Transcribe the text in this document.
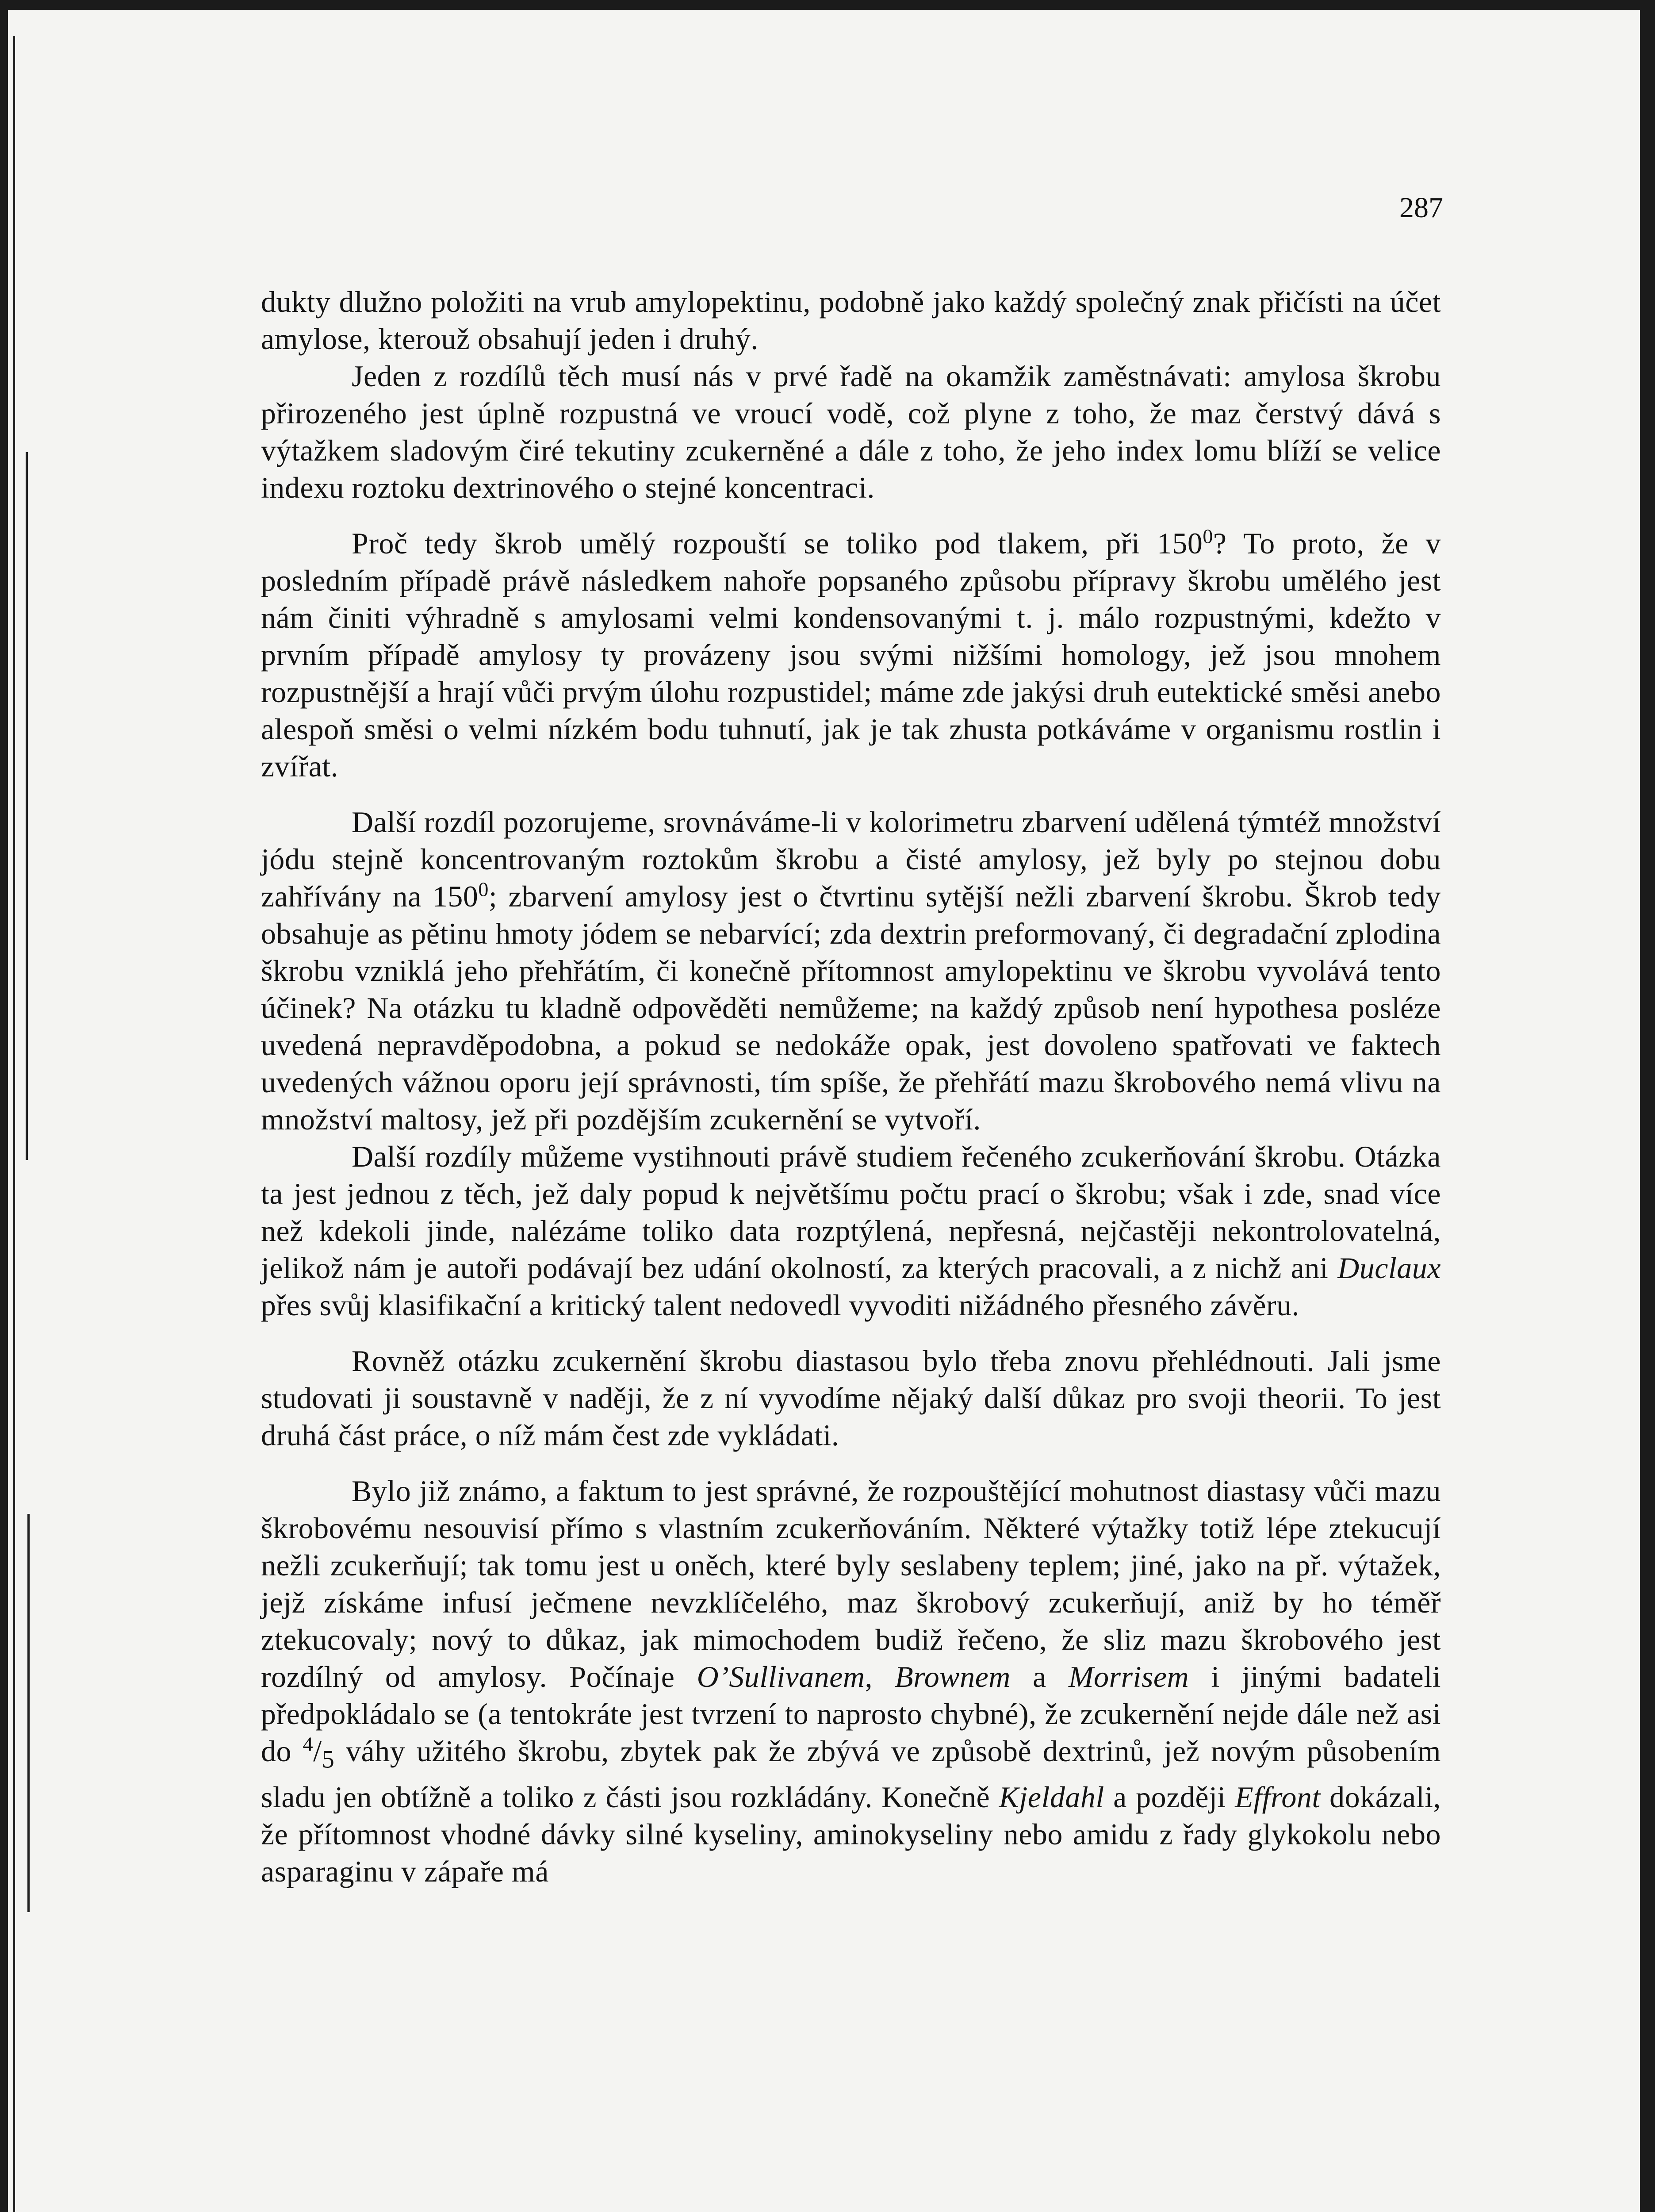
287

dukty dlužno položiti na vrub amylopektinu, podobně jako každý společný znak přičísti na účet amylose, kterouž obsahují jeden i druhý.

Jeden z rozdílů těch musí nás v prvé řadě na okamžik zaměstnávati: amylosa škrobu přirozeného jest úplně rozpustná ve vroucí vodě, což plyne z toho, že maz čerstvý dává s výtažkem sladovým čiré tekutiny zcukerněné a dále z toho, že jeho index lomu blíží se velice indexu roztoku dextrinového o stejné koncentraci.

Proč tedy škrob umělý rozpouští se toliko pod tlakem, při $150^0$? To proto, že v posledním případě právě následkem nahoře popsaného způsobu přípravy škrobu umělého jest nám činiti výhradně s amylosami velmi kondensovanými t. j. málo rozpustnými, kdežto v prvním případě amylosy ty provázeny jsou svými nižšími homology, jež jsou mnohem rozpustnější a hrají vůči prvým úlohu rozpustidel; máme zde jakýsi druh eutektické směsi anebo alespoň směsi o velmi nízkém bodu tuhnutí, jak je tak zhusta potkáváme v organismu rostlin i zvířat.

Další rozdíl pozorujeme, srovnáváme-li v kolorimetru zbarvení udělená týmtéž množství jódu stejně koncentrovaným roztokům škrobu a čisté amylosy, jež byly po stejnou dobu zahřívány na $150^0$; zbarvení amylosy jest o čtvrtinu sytější nežli zbarvení škrobu. Škrob tedy obsahuje as pětinu hmoty jódem se nebarvící; zda dextrin preformovaný, či degradační zplodina škrobu vzniklá jeho přehřátím, či konečně přítomnost amylopektinu ve škrobu vyvolává tento účinek? Na otázku tu kladně odpověděti nemůžeme; na každý způsob není hypothesa posléze uvedená nepravděpodobna, a pokud se nedokáže opak, jest dovoleno spatřovati ve faktech uvedených vážnou oporu její správnosti, tím spíše, že přehřátí mazu škrobového nemá vlivu na množství maltosy, jež při pozdějším zcukernění se vytvoří.

Další rozdíly můžeme vystihnouti právě studiem řečeného zcukerňování škrobu. Otázka ta jest jednou z těch, jež daly popud k největšímu počtu prací o škrobu; však i zde, snad více než kdekoli jinde, nalézáme toliko data rozptýlená, nepřesná, nejčastěji nekontrolovatelná, jelikož nám je autoři podávají bez udání okolností, za kterých pracovali, a z nichž ani Duclaux přes svůj klasifikační a kritický talent nedovedl vyvoditi nižádného přesného závěru.

Rovněž otázku zcukernění škrobu diastasou bylo třeba znovu přehlédnouti. Jali jsme studovati ji soustavně v naději, že z ní vyvodíme nějaký další důkaz pro svoji theorii. To jest druhá část práce, o níž mám čest zde vykládati.

Bylo již známo, a faktum to jest správné, že rozpouštějící mohutnost diastasy vůči mazu škrobovému nesouvisí přímo s vlastním zcukerňováním. Některé výtažky totiž lépe ztekucují nežli zcukerňují; tak tomu jest u oněch, které byly seslabeny teplem; jiné, jako na př. výtažek, jejž získáme infusí ječmene nevzklíčelého, maz škrobový zcukerňují, aniž by ho téměř ztekucovaly; nový to důkaz, jak mimochodem budiž řečeno, že sliz mazu škrobového jest rozdílný od amylosy. Počínaje O’Sullivanem, Brownem a Morrisem i jinými badateli předpokládalo se (a tentokráte jest tvrzení to naprosto chybné), že zcukernění nejde dále než asi do $^4/_5$ váhy užitého škrobu, zbytek pak že zbývá ve způsobě dextrinů, jež novým působením sladu jen obtížně a toliko z části jsou rozkládány. Konečně Kjeldahl a později Effront dokázali, že přítomnost vhodné dávky silné kyseliny, aminokyseliny nebo amidu z řady glykokolu nebo asparaginu v zápaře má
